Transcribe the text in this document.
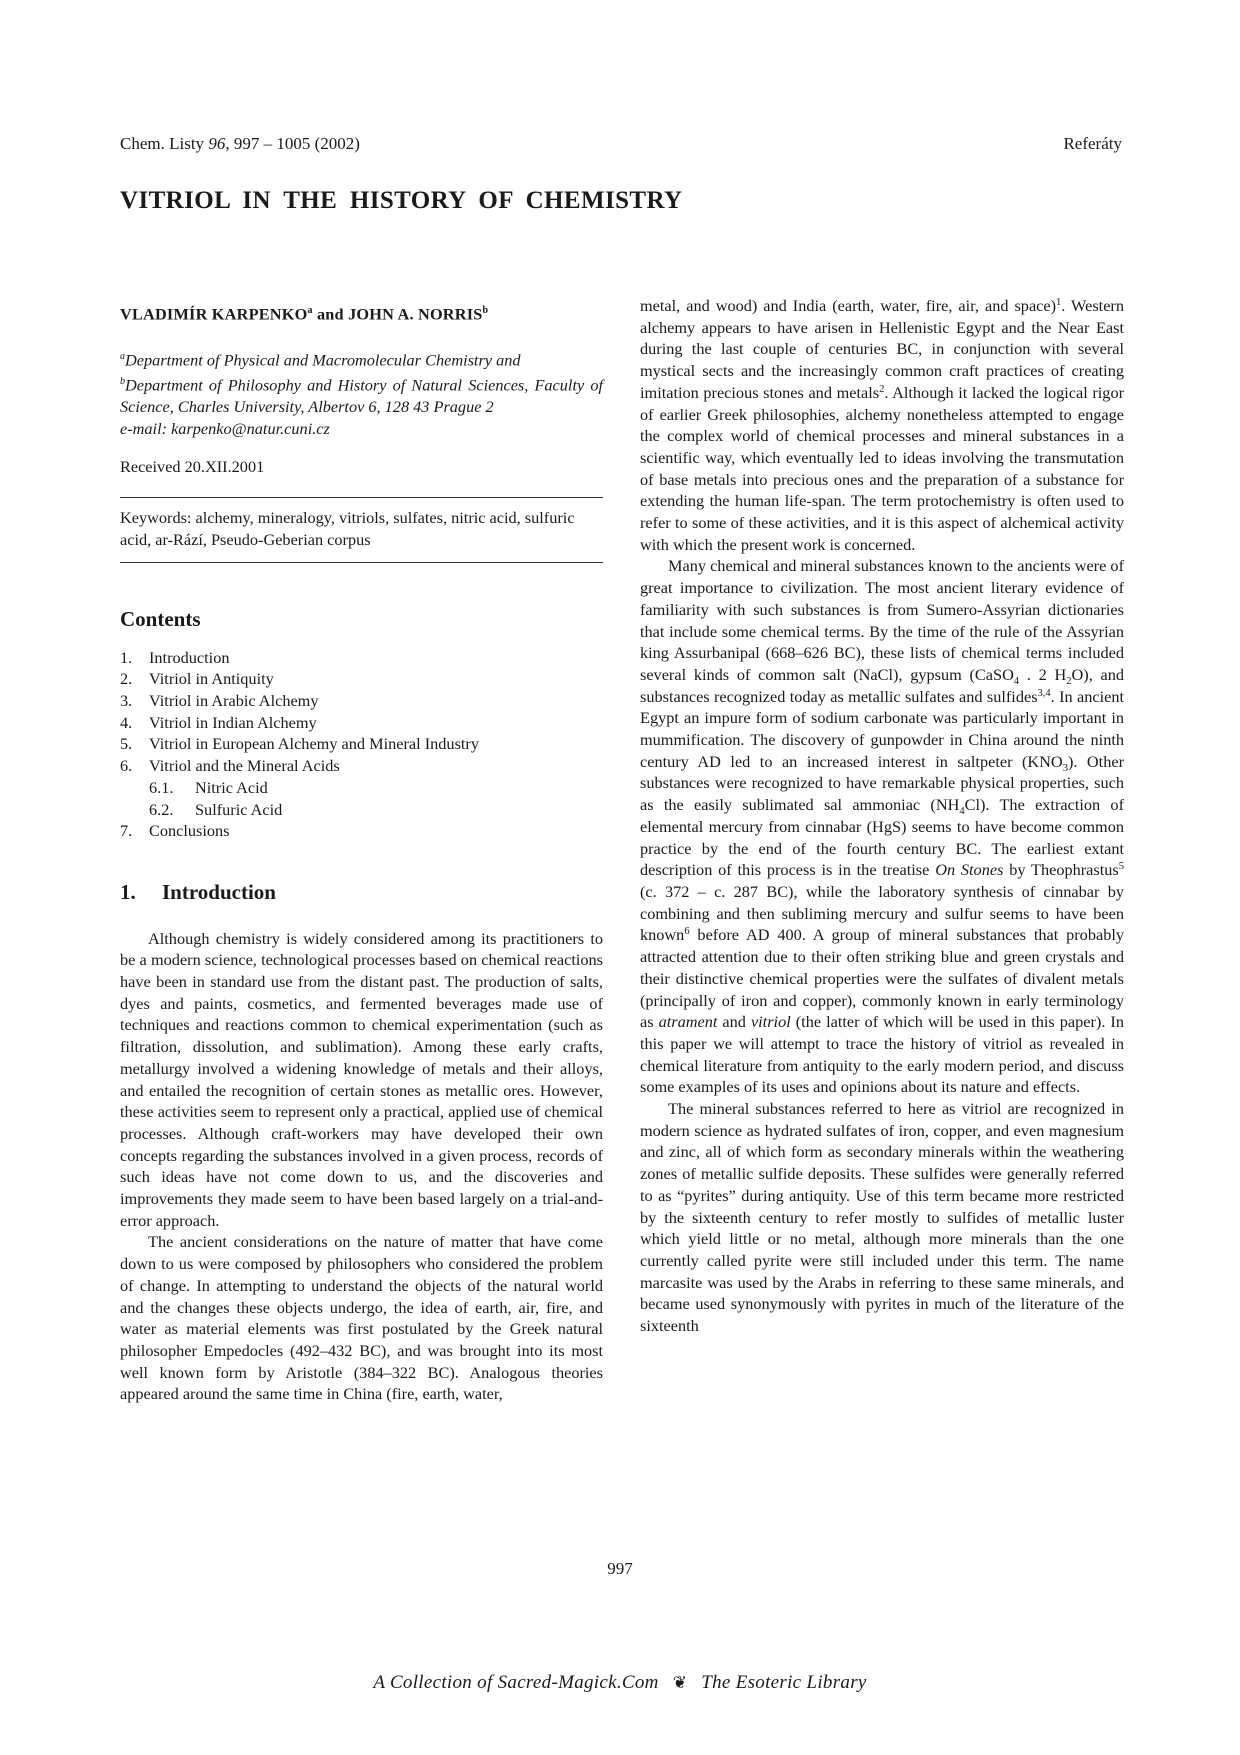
Chem. Listy 96, 997 – 1005 (2002)	Referáty
VITRIOL IN THE HISTORY OF CHEMISTRY

VLADIMÍR KARPENKO$^a$ and JOHN A. NORRIS$^b$

$^a$Department of Physical and Macromolecular Chemistry and

$^b$Department of Philosophy and History of Natural Sciences, Faculty of Science, Charles University, Albertov 6, 128 43 Prague 2

e-mail: karpenko@natur.cuni.cz

Received 20.XII.2001

Keywords: alchemy, mineralogy, vitriols, sulfates, nitric acid, sulfuric acid, ar-Rází, Pseudo-Geberian corpus

Contents
1.	Introduction
2.	Vitriol in Antiquity
3.	Vitriol in Arabic Alchemy
4.	Vitriol in Indian Alchemy
5.	Vitriol in European Alchemy and Mineral Industry
6.	Vitriol and the Mineral Acids
6.1.	Nitric Acid
6.2.	Sulfuric Acid
7.	Conclusions
1.	Introduction

Although chemistry is widely considered among its practitioners to be a modern science, technological processes based on chemical reactions have been in standard use from the distant past. The production of salts, dyes and paints, cosmetics, and fermented beverages made use of techniques and reactions common to chemical experimentation (such as filtration, dissolution, and sublimation). Among these early crafts, metallurgy involved a widening knowledge of metals and their alloys, and entailed the recognition of certain stones as metallic ores. However, these activities seem to represent only a practical, applied use of chemical processes. Although craft-workers may have developed their own concepts regarding the substances involved in a given process, records of such ideas have not come down to us, and the discoveries and improvements they made seem to have been based largely on a trial-and-error approach.

The ancient considerations on the nature of matter that have come down to us were composed by philosophers who considered the problem of change. In attempting to understand the objects of the natural world and the changes these objects undergo, the idea of earth, air, fire, and water as material elements was first postulated by the Greek natural philosopher Empedocles (492–432 BC), and was brought into its most well known form by Aristotle (384–322 BC). Analogous theories appeared around the same time in China (fire, earth, water,

metal, and wood) and India (earth, water, fire, air, and space)$^1$. Western alchemy appears to have arisen in Hellenistic Egypt and the Near East during the last couple of centuries BC, in conjunction with several mystical sects and the increasingly common craft practices of creating imitation precious stones and metals$^2$. Although it lacked the logical rigor of earlier Greek philosophies, alchemy nonetheless attempted to engage the complex world of chemical processes and mineral substances in a scientific way, which eventually led to ideas involving the transmutation of base metals into precious ones and the preparation of a substance for extending the human life-span. The term protochemistry is often used to refer to some of these activities, and it is this aspect of alchemical activity with which the present work is concerned.

Many chemical and mineral substances known to the ancients were of great importance to civilization. The most ancient literary evidence of familiarity with such substances is from Sumero-Assyrian dictionaries that include some chemical terms. By the time of the rule of the Assyrian king Assurbanipal (668–626 BC), these lists of chemical terms included several kinds of common salt (NaCl), gypsum (CaSO$_4$ . 2 $H_2O$), and substances recognized today as metallic sulfates and sulfides$^{3,4}$. In ancient Egypt an impure form of sodium carbonate was particularly important in mummification. The discovery of gunpowder in China around the ninth century AD led to an increased interest in saltpeter $(KNO_3)$. Other substances were recognized to have remarkable physical properties, such as the easily sublimated sal ammoniac $(NH_4Cl)$. The extraction of elemental mercury from cinnabar (HgS) seems to have become common practice by the end of the fourth century BC. The earliest extant description of this process is in the treatise On Stones by Theophrastus$^5$ (c. 372 – c. 287 BC), while the laboratory synthesis of cinnabar by combining and then subliming mercury and sulfur seems to have been known$^6$ before AD 400. A group of mineral substances that probably attracted attention due to their often striking blue and green crystals and their distinctive chemical properties were the sulfates of divalent metals (principally of iron and copper), commonly known in early terminology as atrament and vitriol (the latter of which will be used in this paper). In this paper we will attempt to trace the history of vitriol as revealed in chemical literature from antiquity to the early modern period, and discuss some examples of its uses and opinions about its nature and effects.

The mineral substances referred to here as vitriol are recognized in modern science as hydrated sulfates of iron, copper, and even magnesium and zinc, all of which form as secondary minerals within the weathering zones of metallic sulfide deposits. These sulfides were generally referred to as “pyrites” during antiquity. Use of this term became more restricted by the sixteenth century to refer mostly to sulfides of metallic luster which yield little or no metal, although more minerals than the one currently called pyrite were still included under this term. The name marcasite was used by the Arabs in referring to these same minerals, and became used synonymously with pyrites in much of the literature of the sixteenth

997
A Collection of Sacred-Magick.Com ❦ The Esoteric Library
